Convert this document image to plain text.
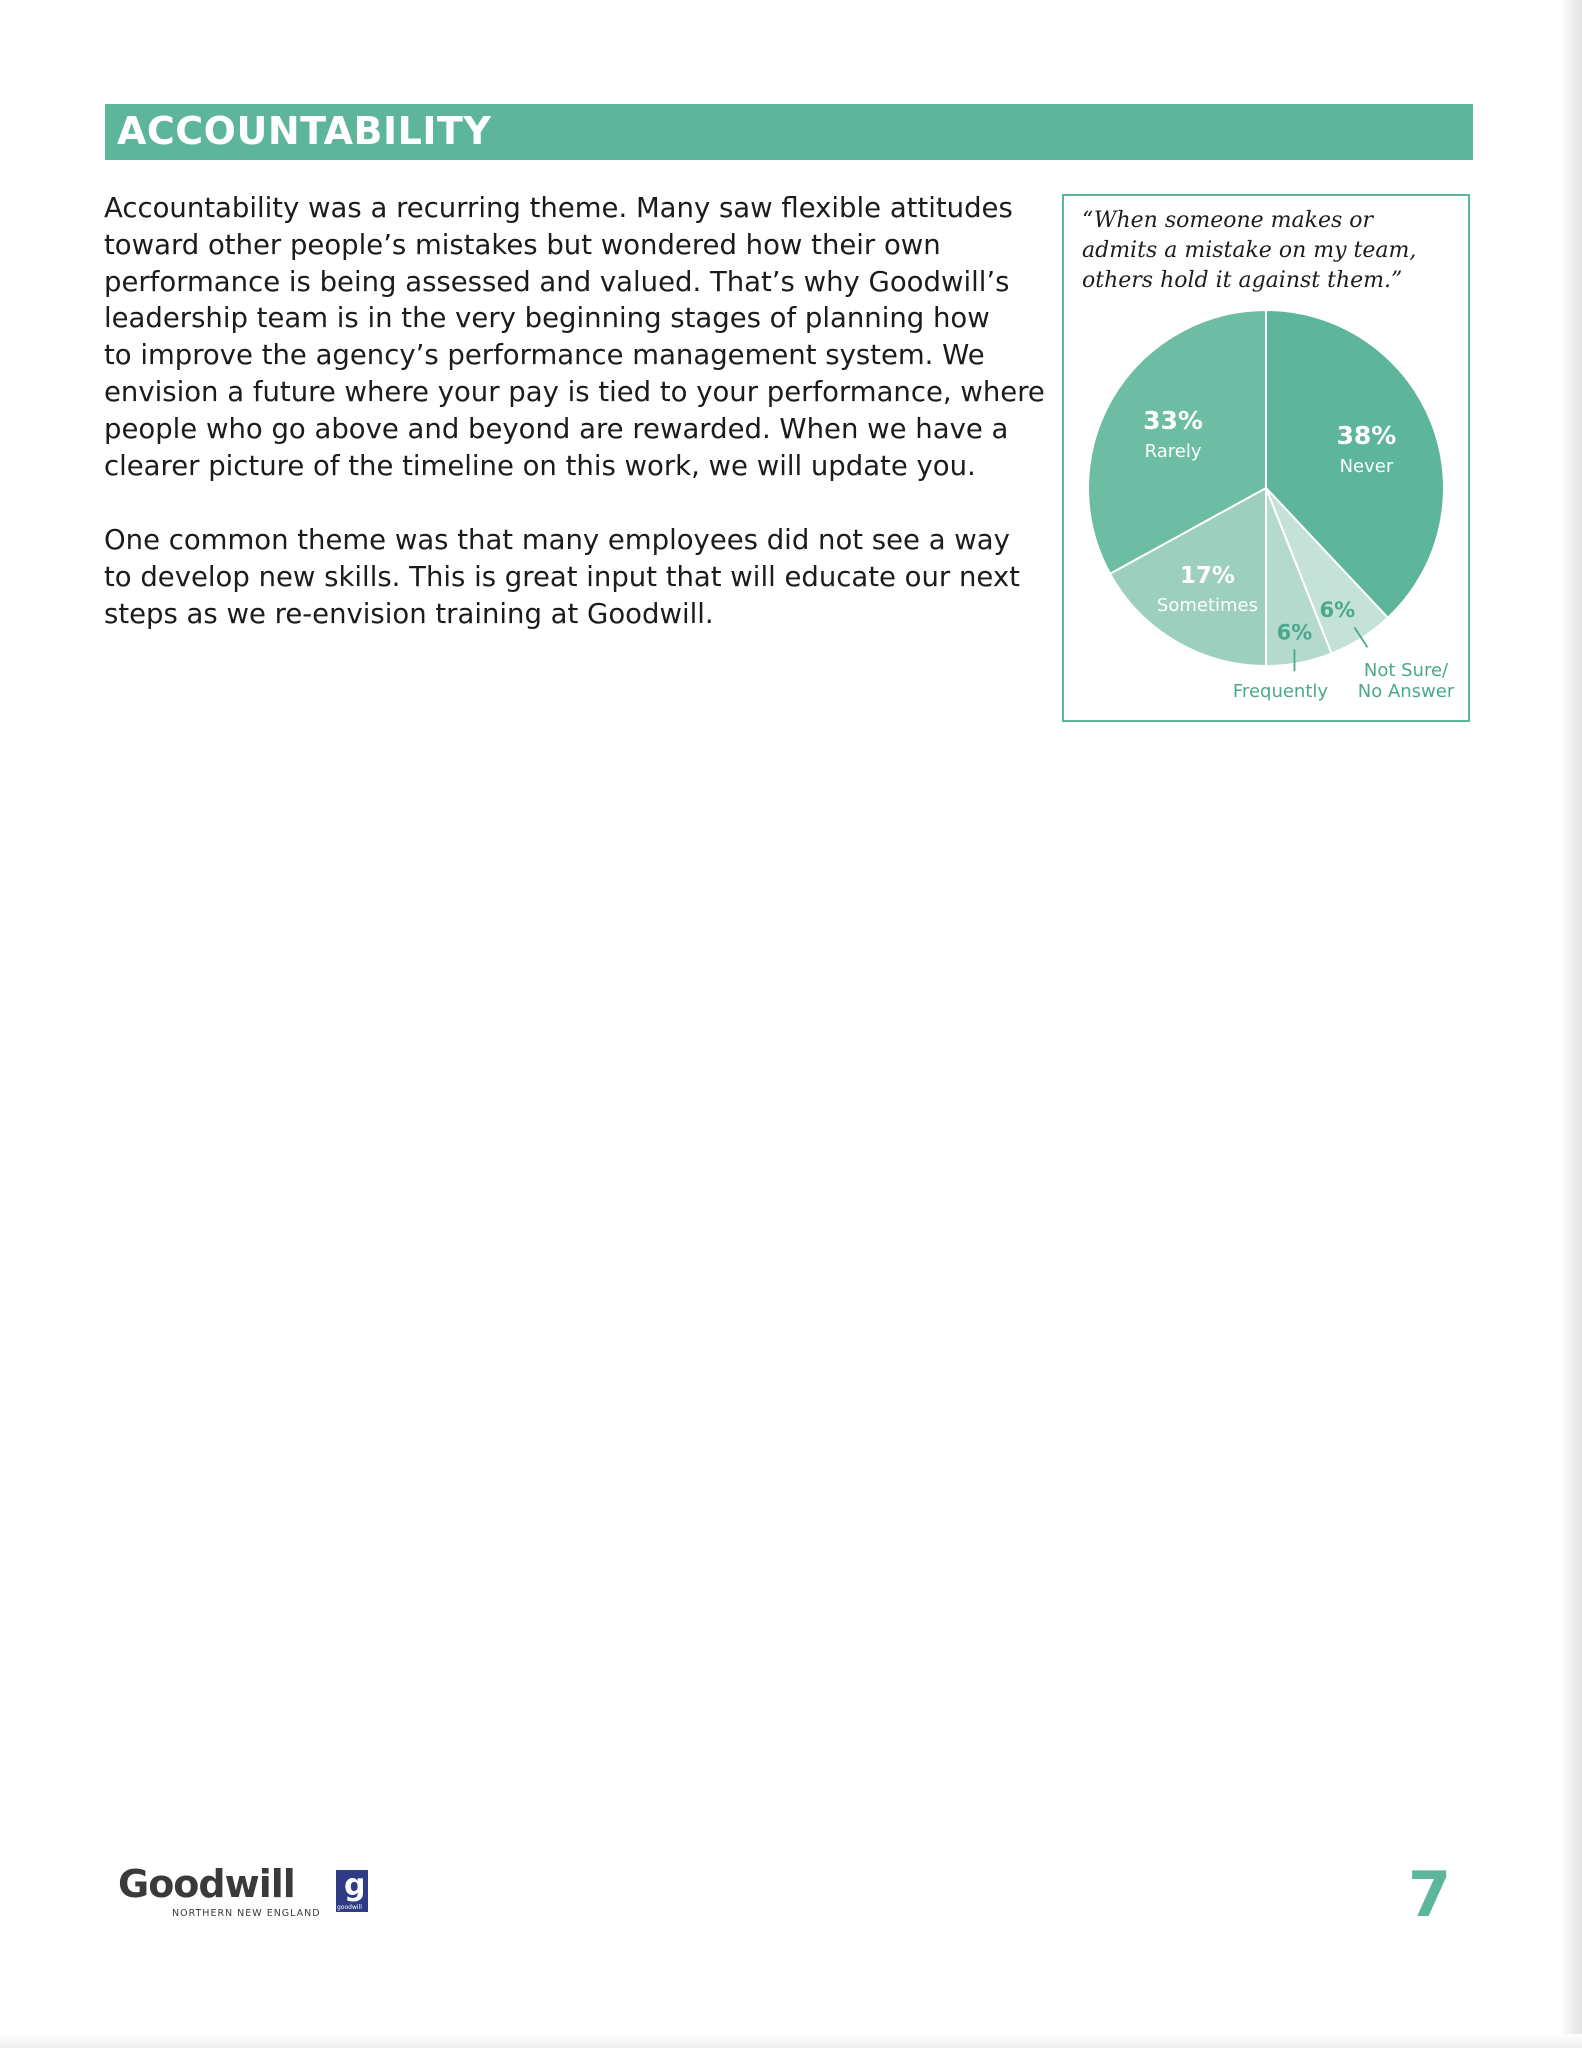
ACCOUNTABILITY

Accountability was a recurring theme. Many saw flexible attitudes
toward other people’s mistakes but wondered how their own
performance is being assessed and valued. That’s why Goodwill’s
leadership team is in the very beginning stages of planning how
to improve the agency’s performance management system. We
envision a future where your pay is tied to your performance, where
people who go above and beyond are rewarded. When we have a
clearer picture of the timeline on this work, we will update you.

One common theme was that many employees did not see a way
to develop new skills. This is great input that will educate our next
steps as we re-envision training at Goodwill.

“When someone makes or
admits a mistake on my team,
others hold it against them.”
38%
Never
6%
Not Sure/
No Answer
6%
Frequently
17%
Sometimes
33%
Rarely
Goodwill g
goodwill
NORTHERN NEW ENGLAND	7
